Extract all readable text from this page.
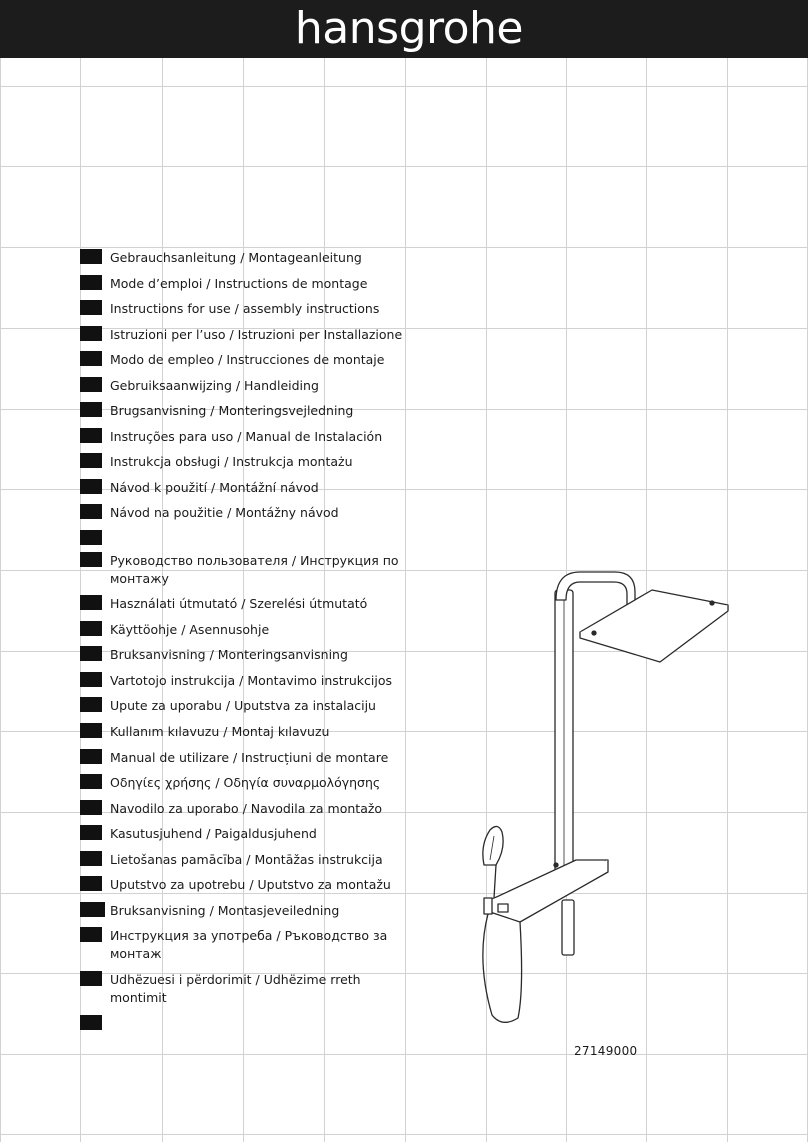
hansgrohe
Gebrauchsanleitung / Montageanleitung
Mode d’emploi / Instructions de montage
Instructions for use / assembly instructions
Istruzioni per l’uso / Istruzioni per Installazione
Modo de empleo / Instrucciones de montaje
Gebruiksaanwijzing / Handleiding
Brugsanvisning / Monteringsvejledning
Instruções para uso / Manual de Instalación
Instrukcja obsługi / Instrukcja montażu
Návod k použití / Montážní návod
Návod na použitie / Montážny návod
Руководство пользователя / Инструкция по монтажу
Használati útmutató / Szerelési útmutató
Käyttöohje / Asennusohje
Bruksanvisning / Monteringsanvisning
Vartotojo instrukcija / Montavimo instrukcijos
Upute za uporabu / Uputstva za instalaciju
Kullanım kılavuzu / Montaj kılavuzu
Manual de utilizare / Instrucțiuni de montare
Οδηγίες χρήσης / Οδηγία συναρμολόγησης
Navodilo za uporabo / Navodila za montažo
Kasutusjuhend / Paigaldusjuhend
Lietošanas pamācība / Montāžas instrukcija
Uputstvo za upotrebu / Uputstvo za montažu
Bruksanvisning / Montasjeveiledning
Инструкция за употреба / Ръководство за монтаж
Udhëzuesi i përdorimit / Udhëzime rreth montimit
27149000
